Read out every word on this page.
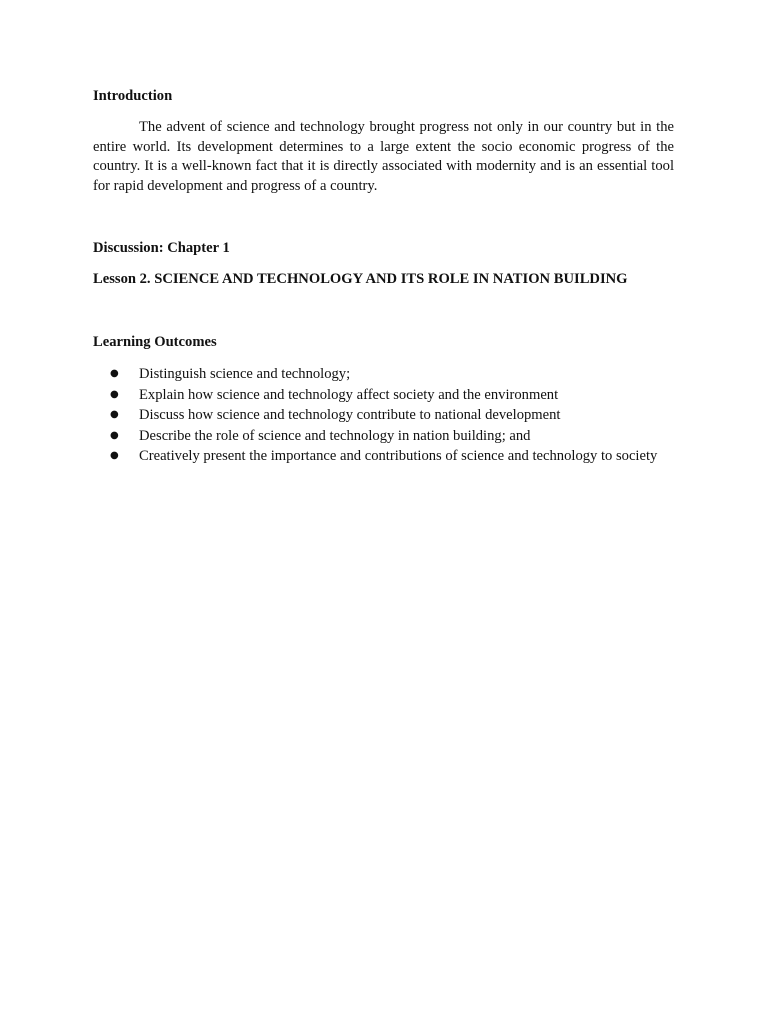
Introduction

The advent of science and technology brought progress not only in our country but in the entire world. Its development determines to a large extent the socio economic progress of the country. It is a well-known fact that it is directly associated with modernity and is an essential tool for rapid development and progress of a country.

Discussion: Chapter 1

Lesson 2. SCIENCE AND TECHNOLOGY AND ITS ROLE IN NATION BUILDING

Learning Outcomes

● Distinguish science and technology;
● Explain how science and technology affect society and the environment
● Discuss how science and technology contribute to national development
● Describe the role of science and technology in nation building; and
● Creatively present the importance and contributions of science and technology to society
